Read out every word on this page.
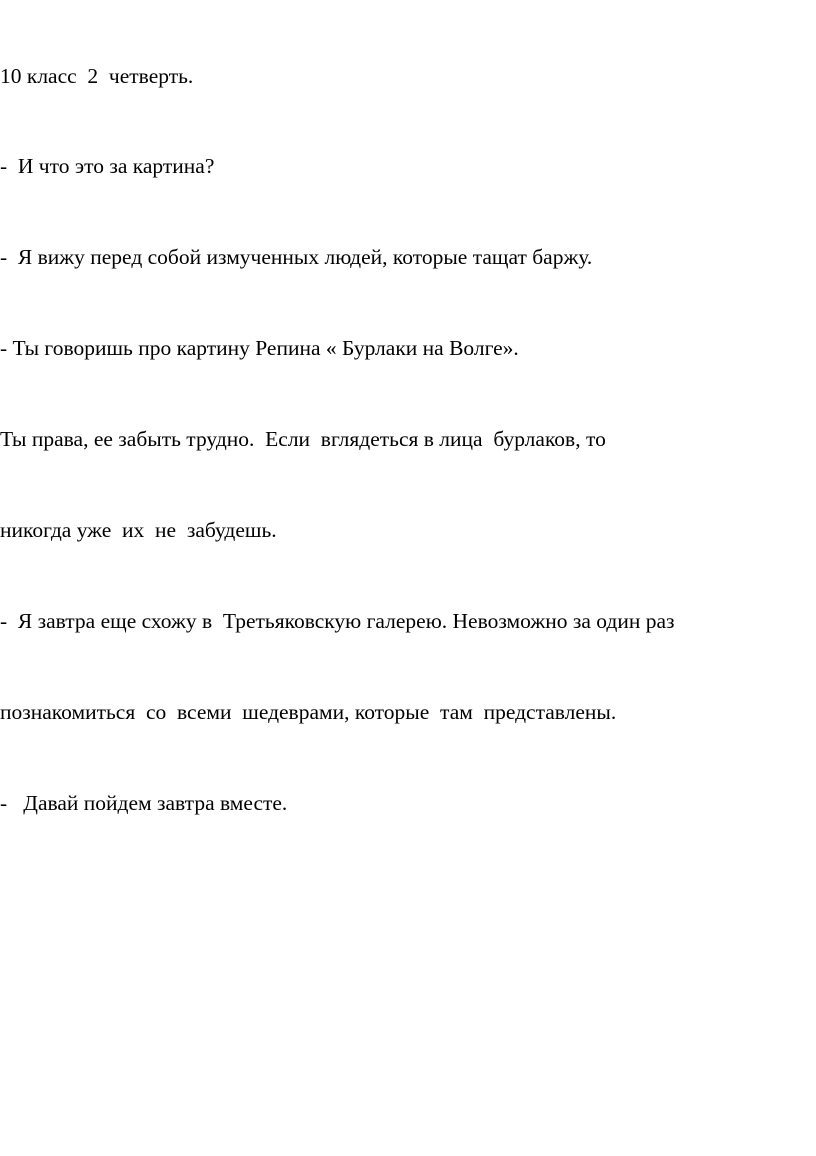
10 класс  2  четверть.

-  И что это за картина?

-  Я вижу перед собой измученных людей, которые тащат баржу.

- Ты говоришь про картину Репина « Бурлаки на Волге».

Ты права, ее забыть трудно.  Если  вглядеться в лица  бурлаков, то

никогда уже  их  не  забудешь.

-  Я завтра еще схожу в  Третьяковскую галерею. Невозможно за один раз

познакомиться  со  всеми  шедеврами, которые  там  представлены.

-   Давай пойдем завтра вместе.
